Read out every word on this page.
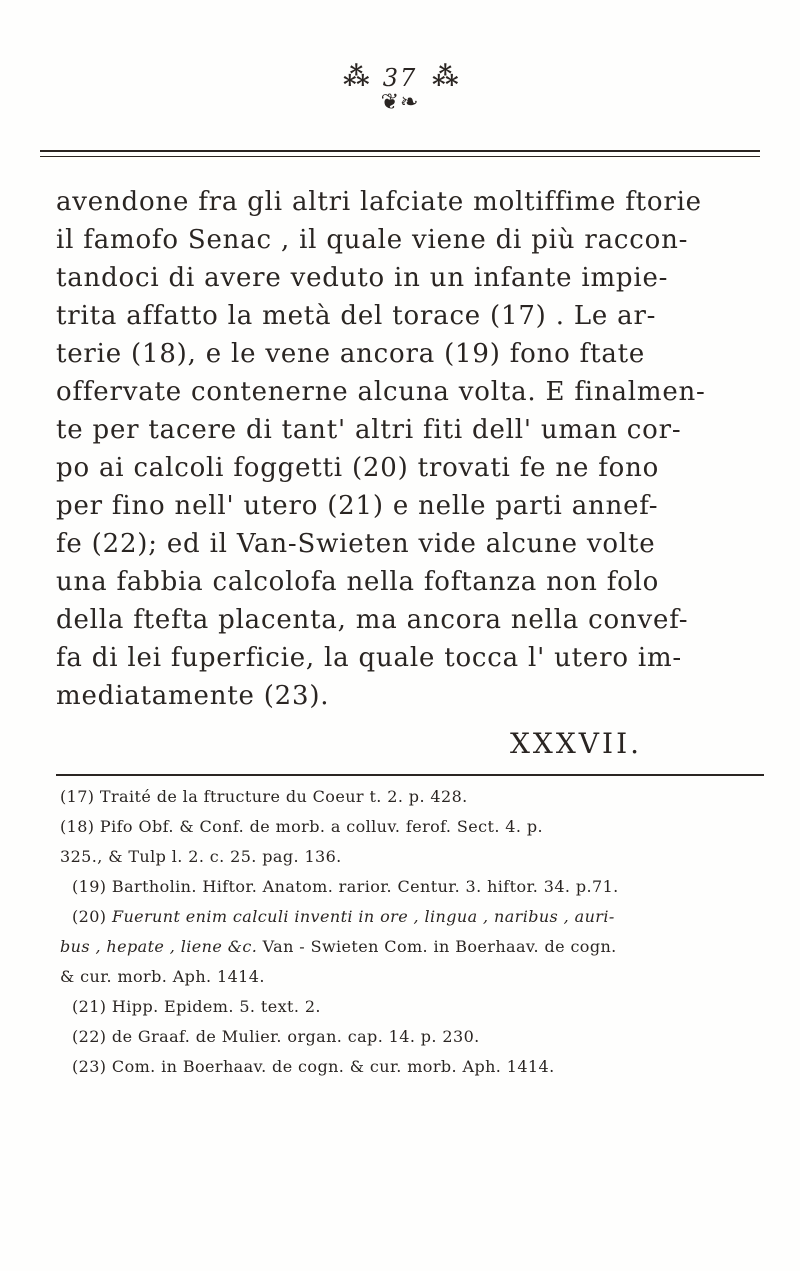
⁂ 37 ⁂
❦❧
avendone fra gli altri lafciate moltiffime ftorie
il famofo Senac , il quale viene di più raccon-
tandoci di avere veduto in un infante impie-
trita affatto la metà del torace (17) . Le ar-
terie (18), e le vene ancora (19) fono ftate
offervate contenerne alcuna volta. E finalmen-
te per tacere di tant' altri fiti dell' uman cor-
po ai calcoli foggetti (20) trovati fe ne fono
per fino nell' utero (21) e nelle parti annef-
fe (22); ed il Van-Swieten vide alcune volte
una fabbia calcolofa nella foftanza non folo
della ftefta placenta, ma ancora nella convef-
fa di lei fuperficie, la quale tocca l' utero im-
mediatamente (23).
XXXVII.
(17) Traité de la ftructure du Coeur t. 2. p. 428.
(18) Pifo Obf. & Conf. de morb. a colluv. ferof. Sect. 4. p.
325., & Tulp l. 2. c. 25. pag. 136.
(19) Bartholin. Hiftor. Anatom. rarior. Centur. 3. hiftor. 34. p.71.
(20) Fuerunt enim calculi inventi in ore , lingua , naribus , auri-
bus , hepate , liene &c. Van - Swieten Com. in Boerhaav. de cogn.
& cur. morb. Aph. 1414.
(21) Hipp. Epidem. 5. text. 2.
(22) de Graaf. de Mulier. organ. cap. 14. p. 230.
(23) Com. in Boerhaav. de cogn. & cur. morb. Aph. 1414.
